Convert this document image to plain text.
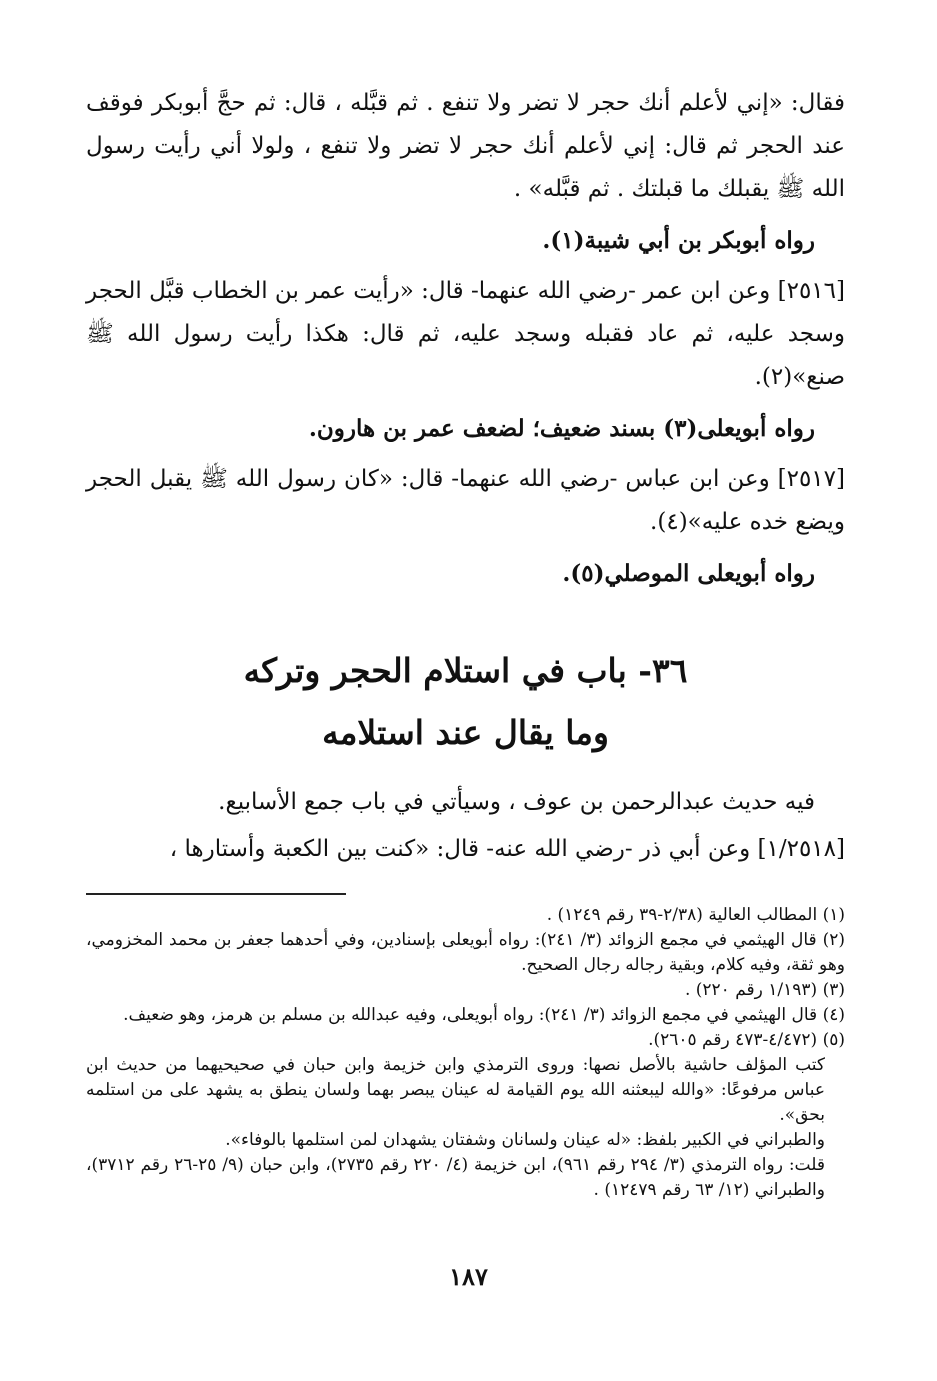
فقال: «إني لأعلم أنك حجر لا تضر ولا تنفع . ثم قبَّله ، قال: ثم حجَّ أبوبكر فوقف عند الحجر ثم قال: إني لأعلم أنك حجر لا تضر ولا تنفع ، ولولا أني رأيت رسول الله ﷺ يقبلك ما قبلتك . ثم قبَّله» .

رواه أبوبكر بن أبي شيبة(١).

[٢٥١٦] وعن ابن عمر -رضي الله عنهما- قال: «رأيت عمر بن الخطاب قبَّل الحجر وسجد عليه، ثم عاد فقبله وسجد عليه، ثم قال: هكذا رأيت رسول الله ﷺ صنع»(٢).

رواه أبويعلى(٣) بسند ضعيف؛ لضعف عمر بن هارون.

[٢٥١٧] وعن ابن عباس -رضي الله عنهما- قال: «كان رسول الله ﷺ يقبل الحجر ويضع خده عليه»(٤).

رواه أبويعلى الموصلي(٥).

٣٦- باب في استلام الحجر وتركه
وما يقال عند استلامه

فيه حديث عبدالرحمن بن عوف ، وسيأتي في باب جمع الأسابيع.

[١/٢٥١٨] وعن أبي ذر -رضي الله عنه- قال: «كنت بين الكعبة وأستارها ،

(١) المطالب العالية (٢/٣٨-٣٩ رقم ١٢٤٩) .

(٢) قال الهيثمي في مجمع الزوائد (٣/ ٢٤١): رواه أبويعلى بإسنادين، وفي أحدهما جعفر بن محمد المخزومي، وهو ثقة، وفيه كلام، وبقية رجاله رجال الصحيح.

(٣) (١/١٩٣ رقم ٢٢٠) .

(٤) قال الهيثمي في مجمع الزوائد (٣/ ٢٤١): رواه أبويعلى، وفيه عبدالله بن مسلم بن هرمز، وهو ضعيف.

(٥) (٤/٤٧٢-٤٧٣ رقم ٢٦٠٥).

كتب المؤلف حاشية بالأصل نصها: وروى الترمذي وابن خزيمة وابن حبان في صحيحيهما من حديث ابن عباس مرفوعًا: «والله ليبعثنه الله يوم القيامة له عينان يبصر بهما ولسان ينطق به يشهد على من استلمه بحق».

والطبراني في الكبير بلفظ: «له عينان ولسانان وشفتان يشهدان لمن استلمها بالوفاء».

قلت: رواه الترمذي (٣/ ٢٩٤ رقم ٩٦١)، ابن خزيمة (٤/ ٢٢٠ رقم ٢٧٣٥)، وابن حبان (٩/ ٢٥-٢٦ رقم ٣٧١٢)، والطبراني (١٢/ ٦٣ رقم ١٢٤٧٩) .

١٨٧
